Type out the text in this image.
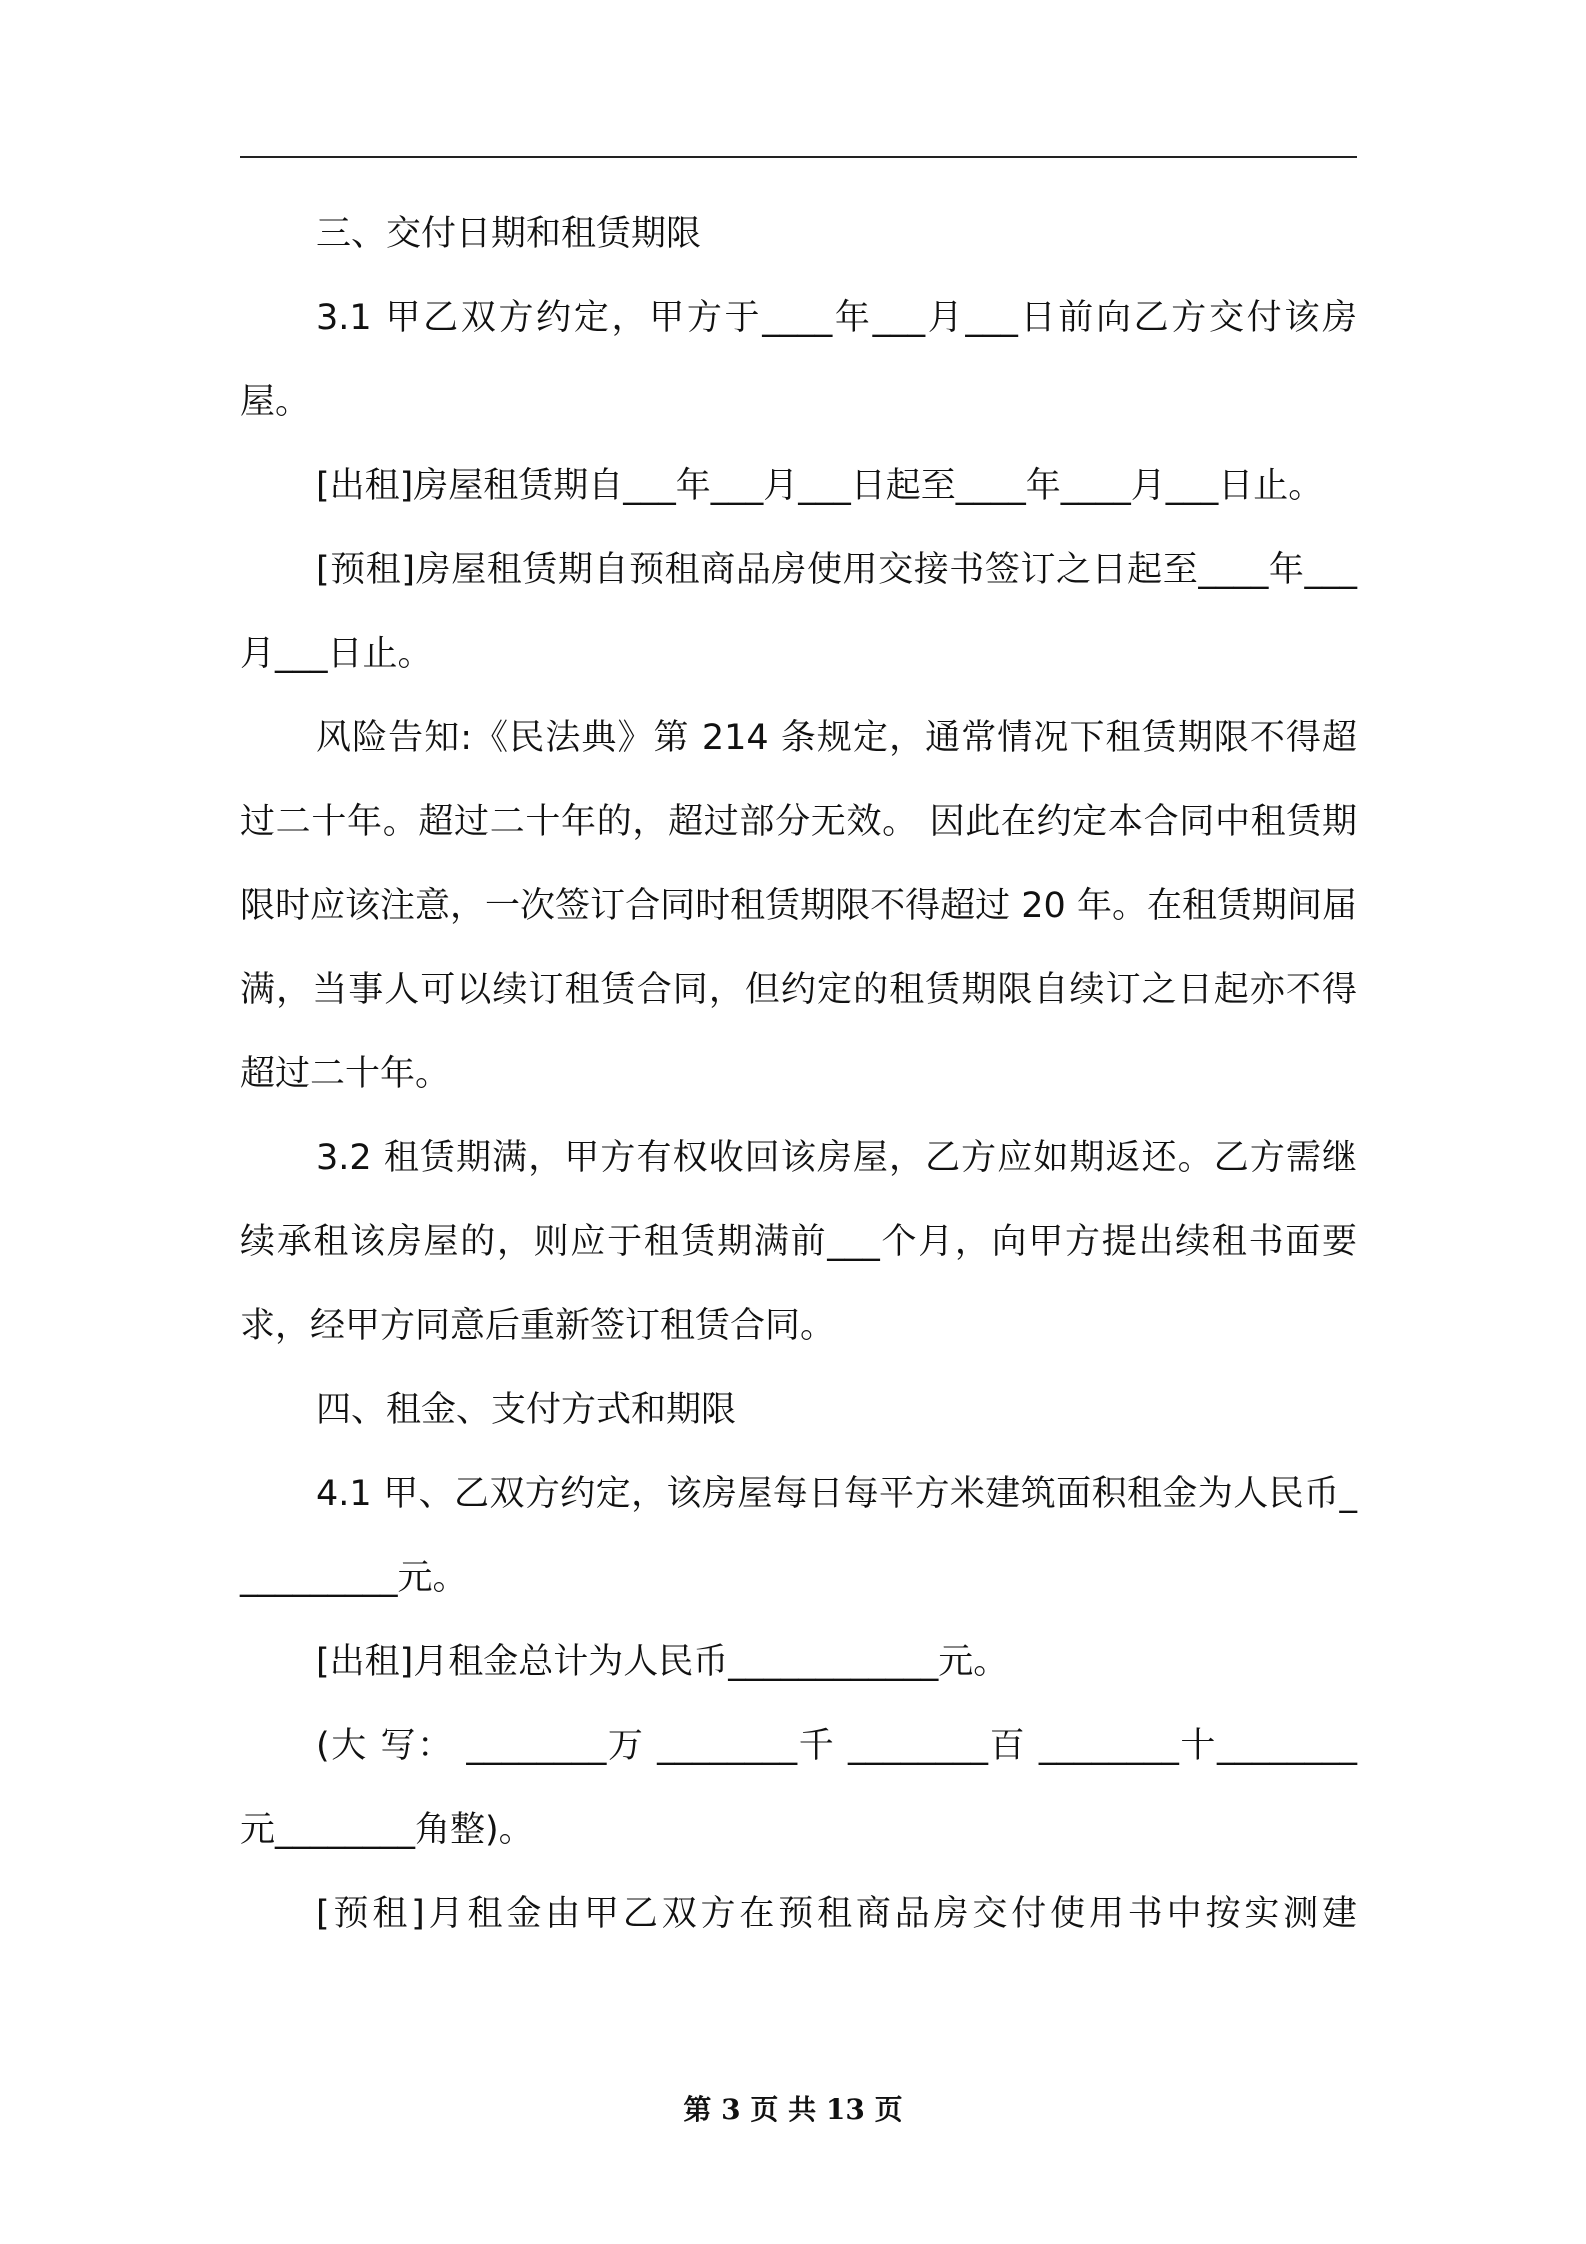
三、交付日期和租赁期限

3.1 甲乙双方约定，甲方于____年___月___日前向乙方交付该房屋。

[出租]房屋租赁期自___年___月___日起至____年____月___日止。

[预租]房屋租赁期自预租商品房使用交接书签订之日起至____年___月___日止。

风险告知:《民法典》第 214 条规定，通常情况下租赁期限不得超过二十年。超过二十年的，超过部分无效。 因此在约定本合同中租赁期限时应该注意，一次签订合同时租赁期限不得超过 20 年。在租赁期间届满，当事人可以续订租赁合同，但约定的租赁期限自续订之日起亦不得超过二十年。

3.2 租赁期满，甲方有权收回该房屋，乙方应如期返还。乙方需继续承租该房屋的，则应于租赁期满前___个月，向甲方提出续租书面要求，经甲方同意后重新签订租赁合同。

四、租金、支付方式和期限

4.1 甲、乙双方约定，该房屋每日每平方米建筑面积租金为人民币__________元。

[出租]月租金总计为人民币____________元。

(大 写： ________万 ________千 ________百 ________十________元________角整)。

[预租]月租金由甲乙双方在预租商品房交付使用书中按实测建

第 3 页 共 13 页
